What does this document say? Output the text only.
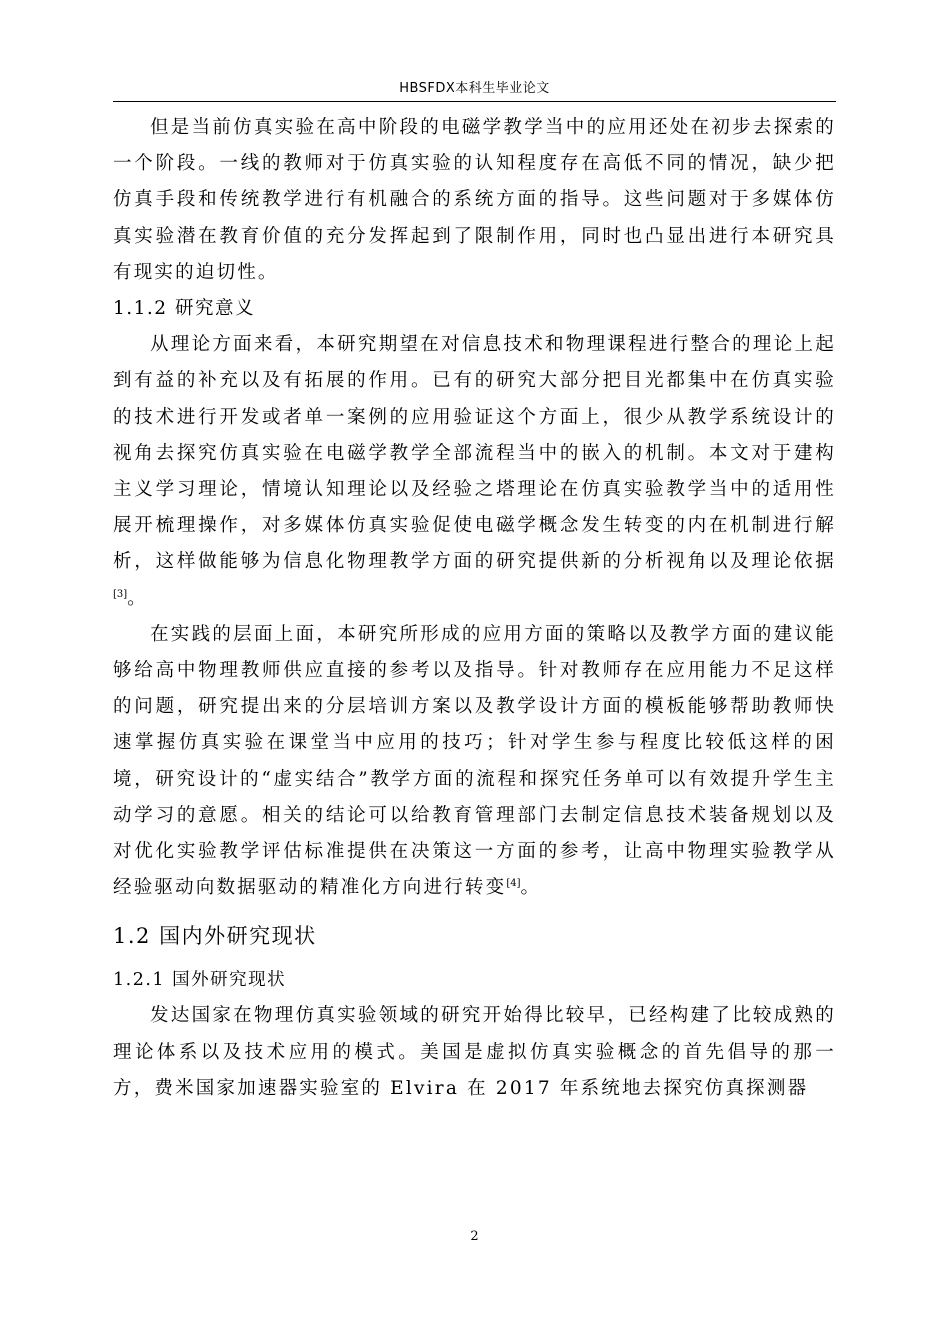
HBSFDX本科生毕业论文

但是当前仿真实验在高中阶段的电磁学教学当中的应用还处在初步去探索的一个阶段。一线的教师对于仿真实验的认知程度存在高低不同的情况，缺少把仿真手段和传统教学进行有机融合的系统方面的指导。这些问题对于多媒体仿真实验潜在教育价值的充分发挥起到了限制作用，同时也凸显出进行本研究具有现实的迫切性。

1.1.2 研究意义

从理论方面来看，本研究期望在对信息技术和物理课程进行整合的理论上起到有益的补充以及有拓展的作用。已有的研究大部分把目光都集中在仿真实验的技术进行开发或者单一案例的应用验证这个方面上，很少从教学系统设计的视角去探究仿真实验在电磁学教学全部流程当中的嵌入的机制。本文对于建构主义学习理论，情境认知理论以及经验之塔理论在仿真实验教学当中的适用性展开梳理操作，对多媒体仿真实验促使电磁学概念发生转变的内在机制进行解析，这样做能够为信息化物理教学方面的研究提供新的分析视角以及理论依据[3]。

在实践的层面上面，本研究所形成的应用方面的策略以及教学方面的建议能够给高中物理教师供应直接的参考以及指导。针对教师存在应用能力不足这样的问题，研究提出来的分层培训方案以及教学设计方面的模板能够帮助教师快速掌握仿真实验在课堂当中应用的技巧；针对学生参与程度比较低这样的困境，研究设计的“虚实结合”教学方面的流程和探究任务单可以有效提升学生主动学习的意愿。相关的结论可以给教育管理部门去制定信息技术装备规划以及对优化实验教学评估标准提供在决策这一方面的参考，让高中物理实验教学从经验驱动向数据驱动的精准化方向进行转变[4]。

1.2 国内外研究现状

1.2.1 国外研究现状

发达国家在物理仿真实验领域的研究开始得比较早，已经构建了比较成熟的理论体系以及技术应用的模式。美国是虚拟仿真实验概念的首先倡导的那一方，费米国家加速器实验室的 Elvira 在 2017 年系统地去探究仿真探测器

2
